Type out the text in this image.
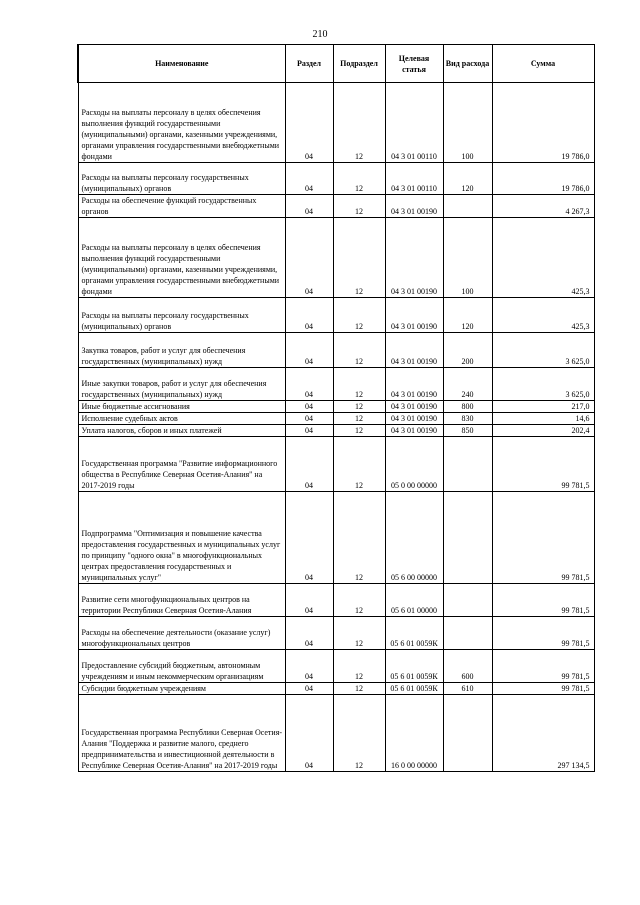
210
Наименование	Раздел	Подраздел	Целевая статья	Вид расхода	Сумма
Расходы на выплаты персоналу в целях обеспечения выполнения функций государственными (муниципальными) органами, казенными учреждениями, органами управления государственными внебюджетными фондами	04	12	04 3 01 00110	100	19 786,0
Расходы на выплаты персоналу государственных (муниципальных) органов	04	12	04 3 01 00110	120	19 786,0
Расходы на обеспечение функций государственных органов	04	12	04 3 01 00190		4 267,3
Расходы на выплаты персоналу в целях обеспечения выполнения функций государственными (муниципальными) органами, казенными учреждениями, органами управления государственными внебюджетными фондами	04	12	04 3 01 00190	100	425,3
Расходы на выплаты персоналу государственных (муниципальных) органов	04	12	04 3 01 00190	120	425,3
Закупка товаров, работ и услуг для обеспечения государственных (муниципальных) нужд	04	12	04 3 01 00190	200	3 625,0
Иные закупки товаров, работ и услуг для обеспечения государственных (муниципальных) нужд	04	12	04 3 01 00190	240	3 625,0
Иные бюджетные ассигнования	04	12	04 3 01 00190	800	217,0
Исполнение судебных актов	04	12	04 3 01 00190	830	14,6
Уплата налогов, сборов и иных платежей	04	12	04 3 01 00190	850	202,4
Государственная программа "Развитие информационного общества в Республике Северная Осетия-Алания" на 2017-2019 годы	04	12	05 0 00 00000		99 781,5
Подпрограмма "Оптимизация и повышение качества предоставления государственных и муниципальных услуг по принципу "одного окна" в многофункциональных центрах предоставления государственных и муниципальных услуг"	04	12	05 6 00 00000		99 781,5
Развитие сети многофункциональных центров на территории Республики Северная Осетия-Алания	04	12	05 6 01 00000		99 781,5
Расходы на обеспечение деятельности (оказание услуг) многофункциональных центров	04	12	05 6 01 0059К		99 781,5
Предоставление субсидий бюджетным, автономным учреждениям и иным некоммерческим организациям	04	12	05 6 01 0059К	600	99 781,5
Субсидии бюджетным учреждениям	04	12	05 6 01 0059К	610	99 781,5
Государственная программа Республики Северная Осетия-Алания "Поддержка и развитие малого, среднего предпринимательства и инвестиционной деятельности в Республике Северная Осетия-Алания" на 2017-2019 годы	04	12	16 0 00 00000		297 134,5
